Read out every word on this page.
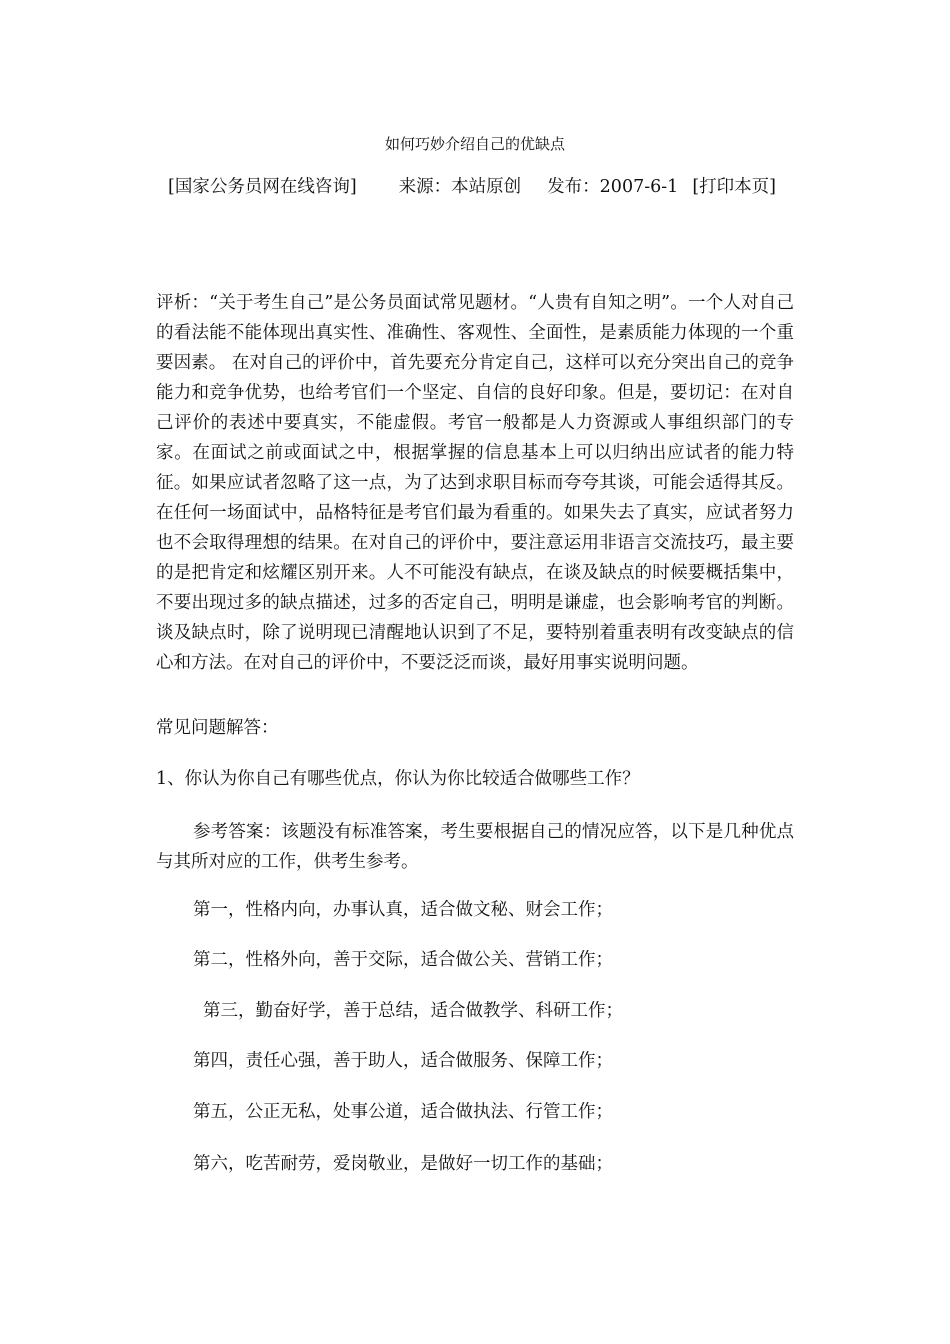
如何巧妙介绍自己的优缺点
[国家公务员网在线咨询] 来源：本站原创 发布：2007-6-1 [打印本页]

评析：“关于考生自己”是公务员面试常见题材。“人贵有自知之明”。一个人对自己的看法能不能体现出真实性、准确性、客观性、全面性，是素质能力体现的一个重要因素。 在对自己的评价中，首先要充分肯定自己，这样可以充分突出自己的竞争能力和竞争优势，也给考官们一个坚定、自信的良好印象。但是，要切记：在对自己评价的表述中要真实，不能虚假。考官一般都是人力资源或人事组织部门的专家。在面试之前或面试之中，根据掌握的信息基本上可以归纳出应试者的能力特征。如果应试者忽略了这一点，为了达到求职目标而夸夸其谈，可能会适得其反。在任何一场面试中，品格特征是考官们最为看重的。如果失去了真实，应试者努力也不会取得理想的结果。在对自己的评价中，要注意运用非语言交流技巧，最主要的是把肯定和炫耀区别开来。人不可能没有缺点，在谈及缺点的时候要概括集中，不要出现过多的缺点描述，过多的否定自己，明明是谦虚，也会影响考官的判断。谈及缺点时，除了说明现已清醒地认识到了不足，要特别着重表明有改变缺点的信心和方法。在对自己的评价中，不要泛泛而谈，最好用事实说明问题。

常见问题解答：

1、你认为你自己有哪些优点，你认为你比较适合做哪些工作？

参考答案：该题没有标准答案，考生要根据自己的情况应答，以下是几种优点与其所对应的工作，供考生参考。

第一，性格内向，办事认真，适合做文秘、财会工作；

第二，性格外向，善于交际，适合做公关、营销工作；

第三，勤奋好学，善于总结，适合做教学、科研工作；

第四，责任心强，善于助人，适合做服务、保障工作；

第五，公正无私，处事公道，适合做执法、行管工作；

第六，吃苦耐劳，爱岗敬业，是做好一切工作的基础；
